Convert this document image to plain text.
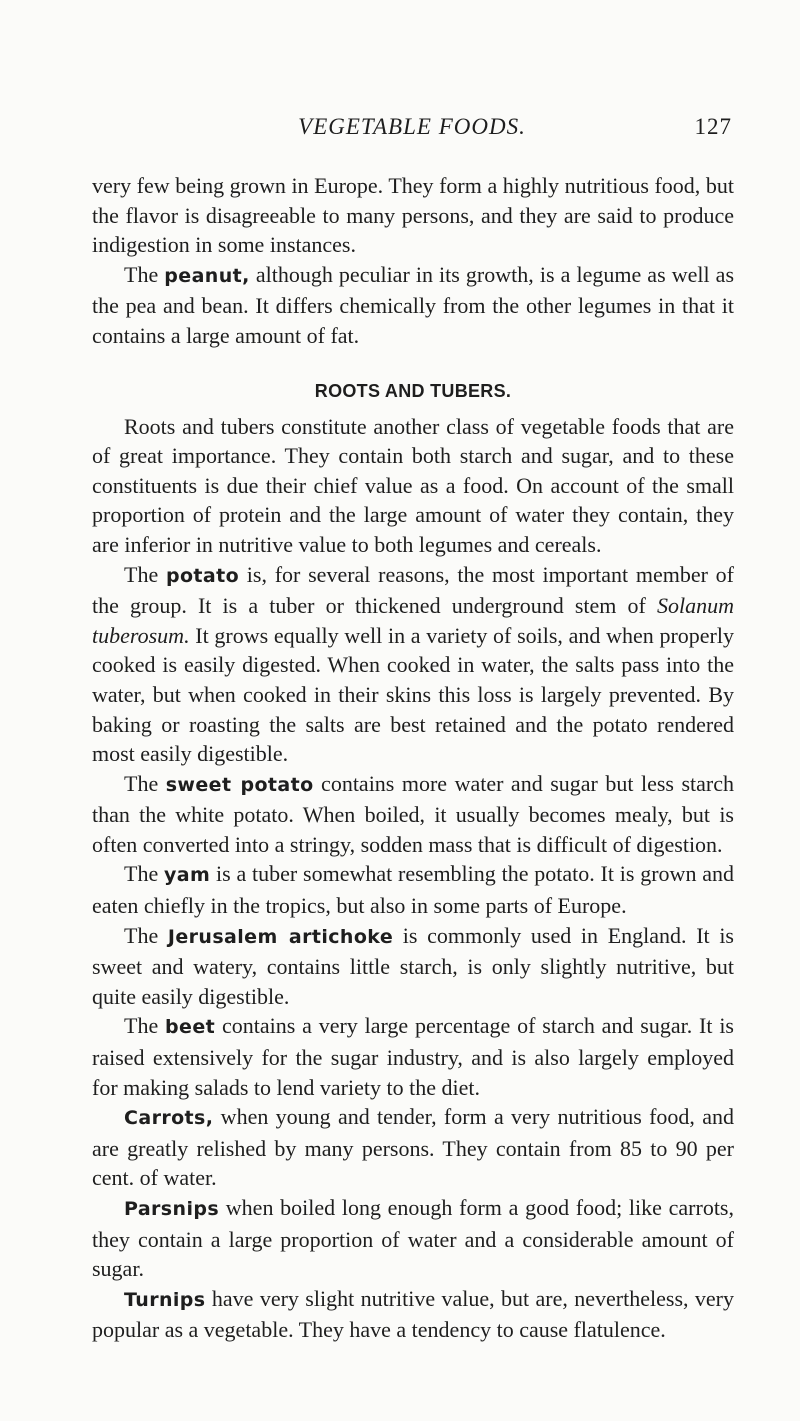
VEGETABLE FOODS.	127

very few being grown in Europe. They form a highly nutritious food, but the flavor is disagreeable to many persons, and they are said to produce indigestion in some instances.

The peanut, although peculiar in its growth, is a legume as well as the pea and bean. It differs chemically from the other legumes in that it contains a large amount of fat.

ROOTS AND TUBERS.

Roots and tubers constitute another class of vegetable foods that are of great importance. They contain both starch and sugar, and to these constituents is due their chief value as a food. On account of the small proportion of protein and the large amount of water they contain, they are inferior in nutritive value to both legumes and cereals.

The potato is, for several reasons, the most important member of the group. It is a tuber or thickened underground stem of Solanum tuberosum. It grows equally well in a variety of soils, and when properly cooked is easily digested. When cooked in water, the salts pass into the water, but when cooked in their skins this loss is largely prevented. By baking or roasting the salts are best retained and the potato rendered most easily digestible.

The sweet potato contains more water and sugar but less starch than the white potato. When boiled, it usually becomes mealy, but is often converted into a stringy, sodden mass that is difficult of digestion.

The yam is a tuber somewhat resembling the potato. It is grown and eaten chiefly in the tropics, but also in some parts of Europe.

The Jerusalem artichoke is commonly used in England. It is sweet and watery, contains little starch, is only slightly nutritive, but quite easily digestible.

The beet contains a very large percentage of starch and sugar. It is raised extensively for the sugar industry, and is also largely employed for making salads to lend variety to the diet.

Carrots, when young and tender, form a very nutritious food, and are greatly relished by many persons. They contain from 85 to 90 per cent. of water.

Parsnips when boiled long enough form a good food; like carrots, they contain a large proportion of water and a considerable amount of sugar.

Turnips have very slight nutritive value, but are, nevertheless, very popular as a vegetable. They have a tendency to cause flatulence.
